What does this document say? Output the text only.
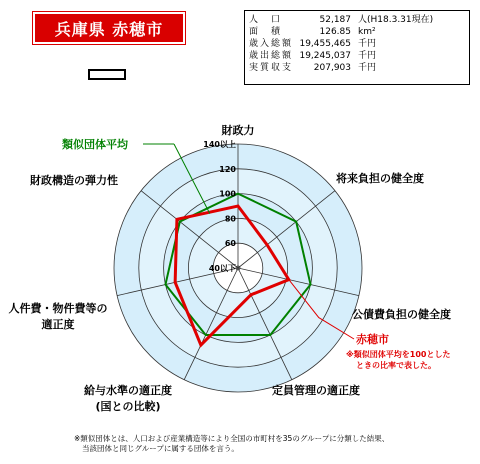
兵庫県 赤穂市	人　口	52,187 人(H18.3.31現在)
面　積	126.85 km²
歳入総額 19,455,465 千円
歳出総額 19,245,037 千円
実質収支	207,903 千円
60
80
100
120
140以上
40以下
財政力
将来負担の健全度
公債費負担の健全度
定員管理の適正度
給与水準の適正度
(国との比較)
人件費・物件費等の
適正度
財政構造の弾力性
類似団体平均
赤穂市
※類似団体平均を100とした
ときの比率で表した。
※類似団体とは、人口および産業構造等により全国の市町村を35のグループに分類した結果、
当該団体と同じグループに属する団体を言う。
